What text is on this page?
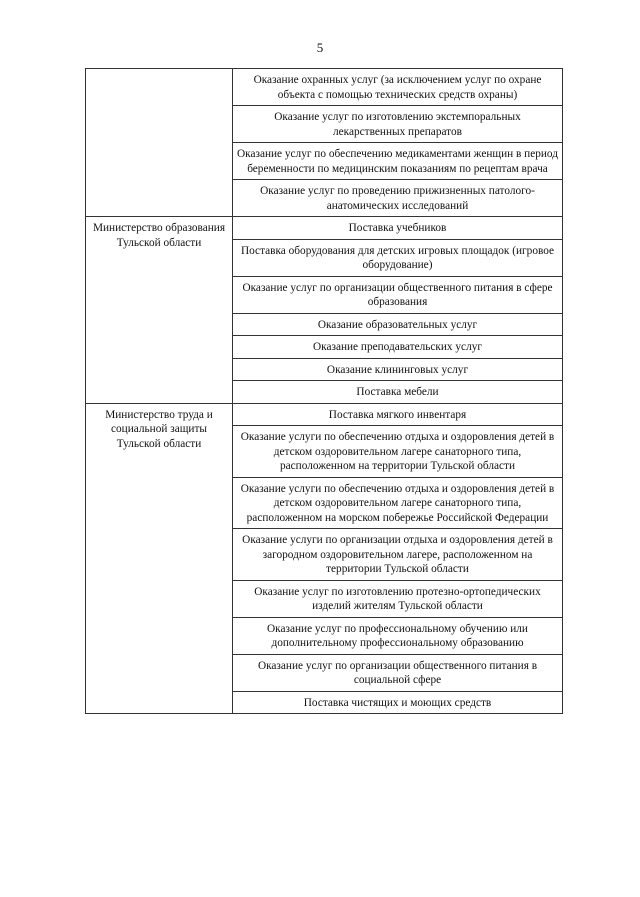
5
	Оказание охранных услуг (за исключением услуг по охране объекта с помощью технических средств охраны)
	Оказание услуг по изготовлению экстемпоральных лекарственных препаратов
	Оказание услуг по обеспечению медикаментами женщин в период беременности по медицинским показаниям по рецептам врача
	Оказание услуг по проведению прижизненных патолого-анатомических исследований
Министерство образования Тульской области	Поставка учебников
	Поставка оборудования для детских игровых площадок (игровое оборудование)
	Оказание услуг по организации общественного питания в сфере образования
	Оказание образовательных услуг
	Оказание преподавательских услуг
	Оказание клининговых услуг
	Поставка мебели
Министерство труда и социальной защиты Тульской области	Поставка мягкого инвентаря
	Оказание услуги по обеспечению отдыха и оздоровления детей в детском оздоровительном лагере санаторного типа, расположенном на территории Тульской области
	Оказание услуги по обеспечению отдыха и оздоровления детей в детском оздоровительном лагере санаторного типа, расположенном на морском побережье Российской Федерации
	Оказание услуги по организации отдыха и оздоровления детей в загородном оздоровительном лагере, расположенном на территории Тульской области
	Оказание услуг по изготовлению протезно-ортопедических изделий жителям Тульской области
	Оказание услуг по профессиональному обучению или дополнительному профессиональному образованию
	Оказание услуг по организации общественного питания в социальной сфере
	Поставка чистящих и моющих средств
